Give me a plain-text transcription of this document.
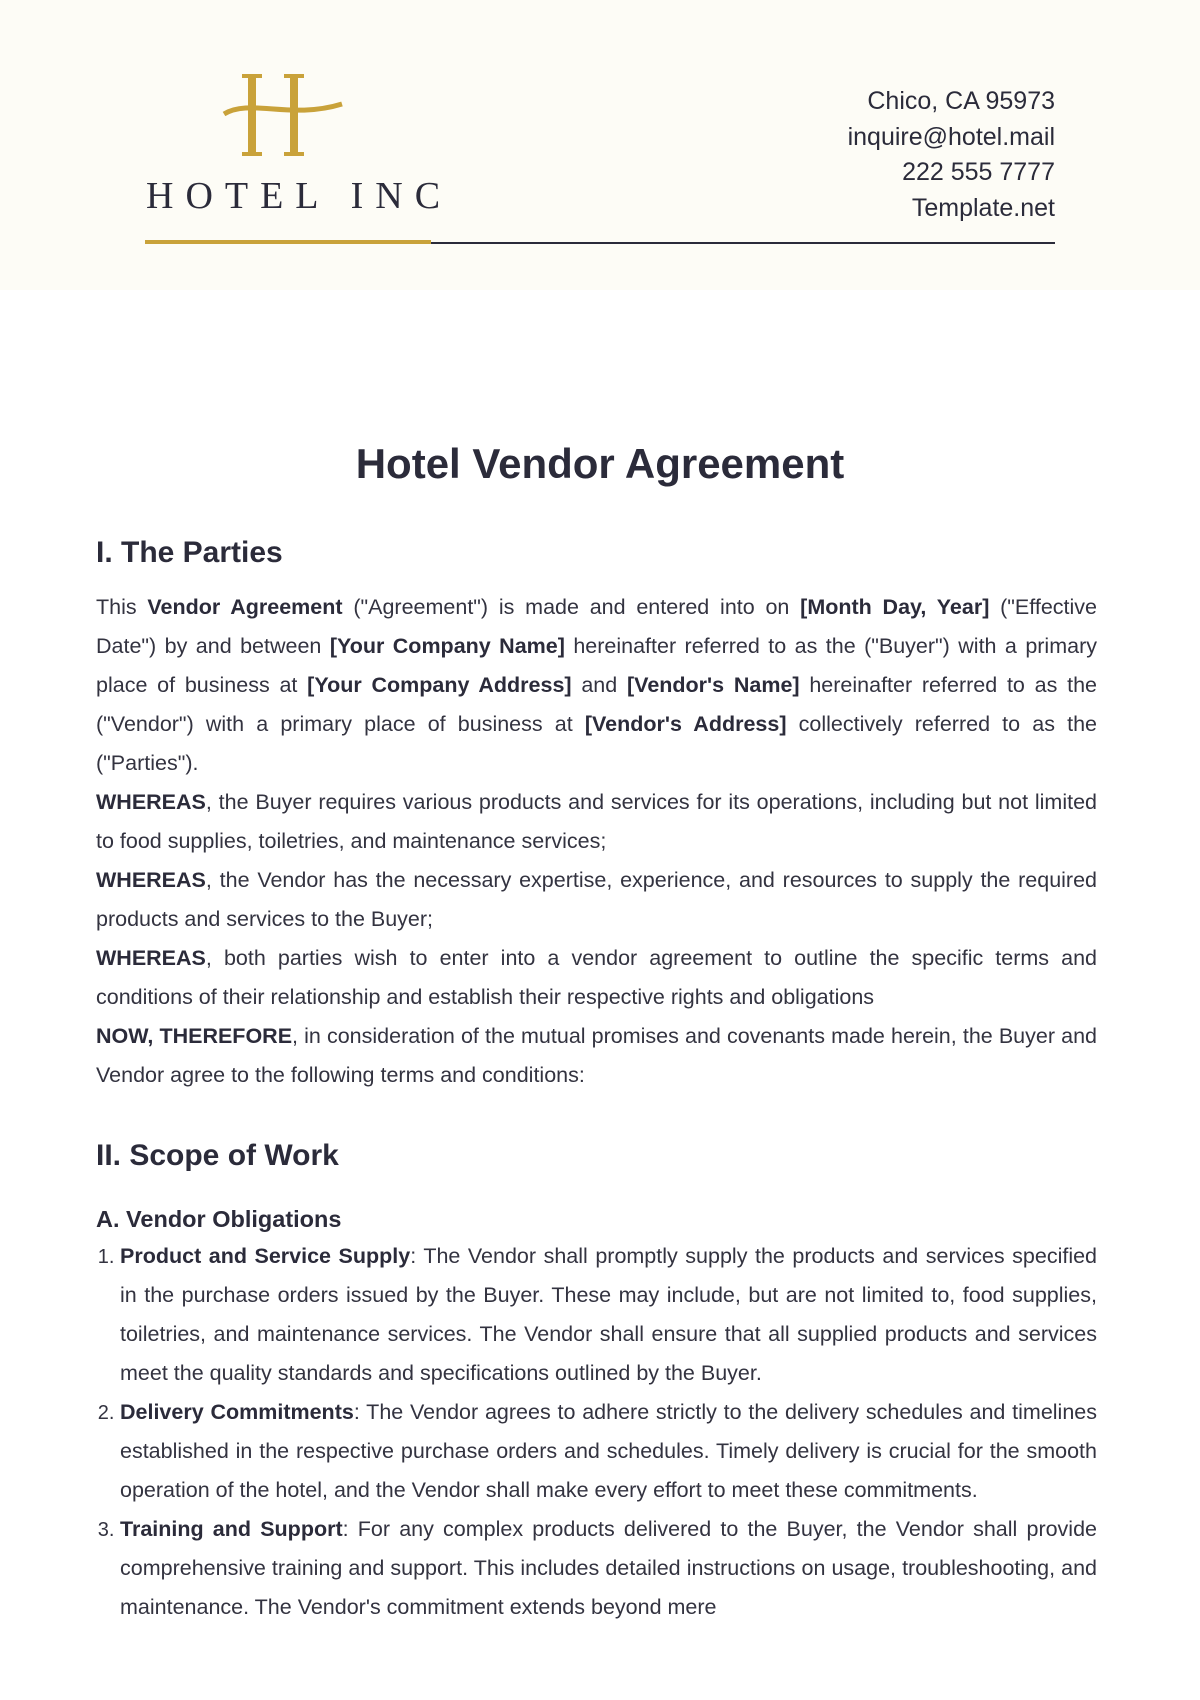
HOTEL INC
Chico, CA 95973
inquire@hotel.mail
222 555 7777
Template.net
Hotel Vendor Agreement
I. The Parties

This Vendor Agreement ("Agreement") is made and entered into on [Month Day, Year] ("Effective Date") by and between [Your Company Name] hereinafter referred to as the ("Buyer") with a primary place of business at [Your Company Address] and [Vendor's Name] hereinafter referred to as the ("Vendor") with a primary place of business at [Vendor's Address] collectively referred to as the ("Parties").

WHEREAS, the Buyer requires various products and services for its operations, including but not limited to food supplies, toiletries, and maintenance services;

WHEREAS, the Vendor has the necessary expertise, experience, and resources to supply the required products and services to the Buyer;

WHEREAS, both parties wish to enter into a vendor agreement to outline the specific terms and conditions of their relationship and establish their respective rights and obligations

NOW, THEREFORE, in consideration of the mutual promises and covenants made herein, the Buyer and Vendor agree to the following terms and conditions:

II. Scope of Work
A. Vendor Obligations
1. Product and Service Supply: The Vendor shall promptly supply the products and services specified in the purchase orders issued by the Buyer. These may include, but are not limited to, food supplies, toiletries, and maintenance services. The Vendor shall ensure that all supplied products and services meet the quality standards and specifications outlined by the Buyer.
2. Delivery Commitments: The Vendor agrees to adhere strictly to the delivery schedules and timelines established in the respective purchase orders and schedules. Timely delivery is crucial for the smooth operation of the hotel, and the Vendor shall make every effort to meet these commitments.
3. Training and Support: For any complex products delivered to the Buyer, the Vendor shall provide comprehensive training and support. This includes detailed instructions on usage, troubleshooting, and maintenance. The Vendor's commitment extends beyond mere
